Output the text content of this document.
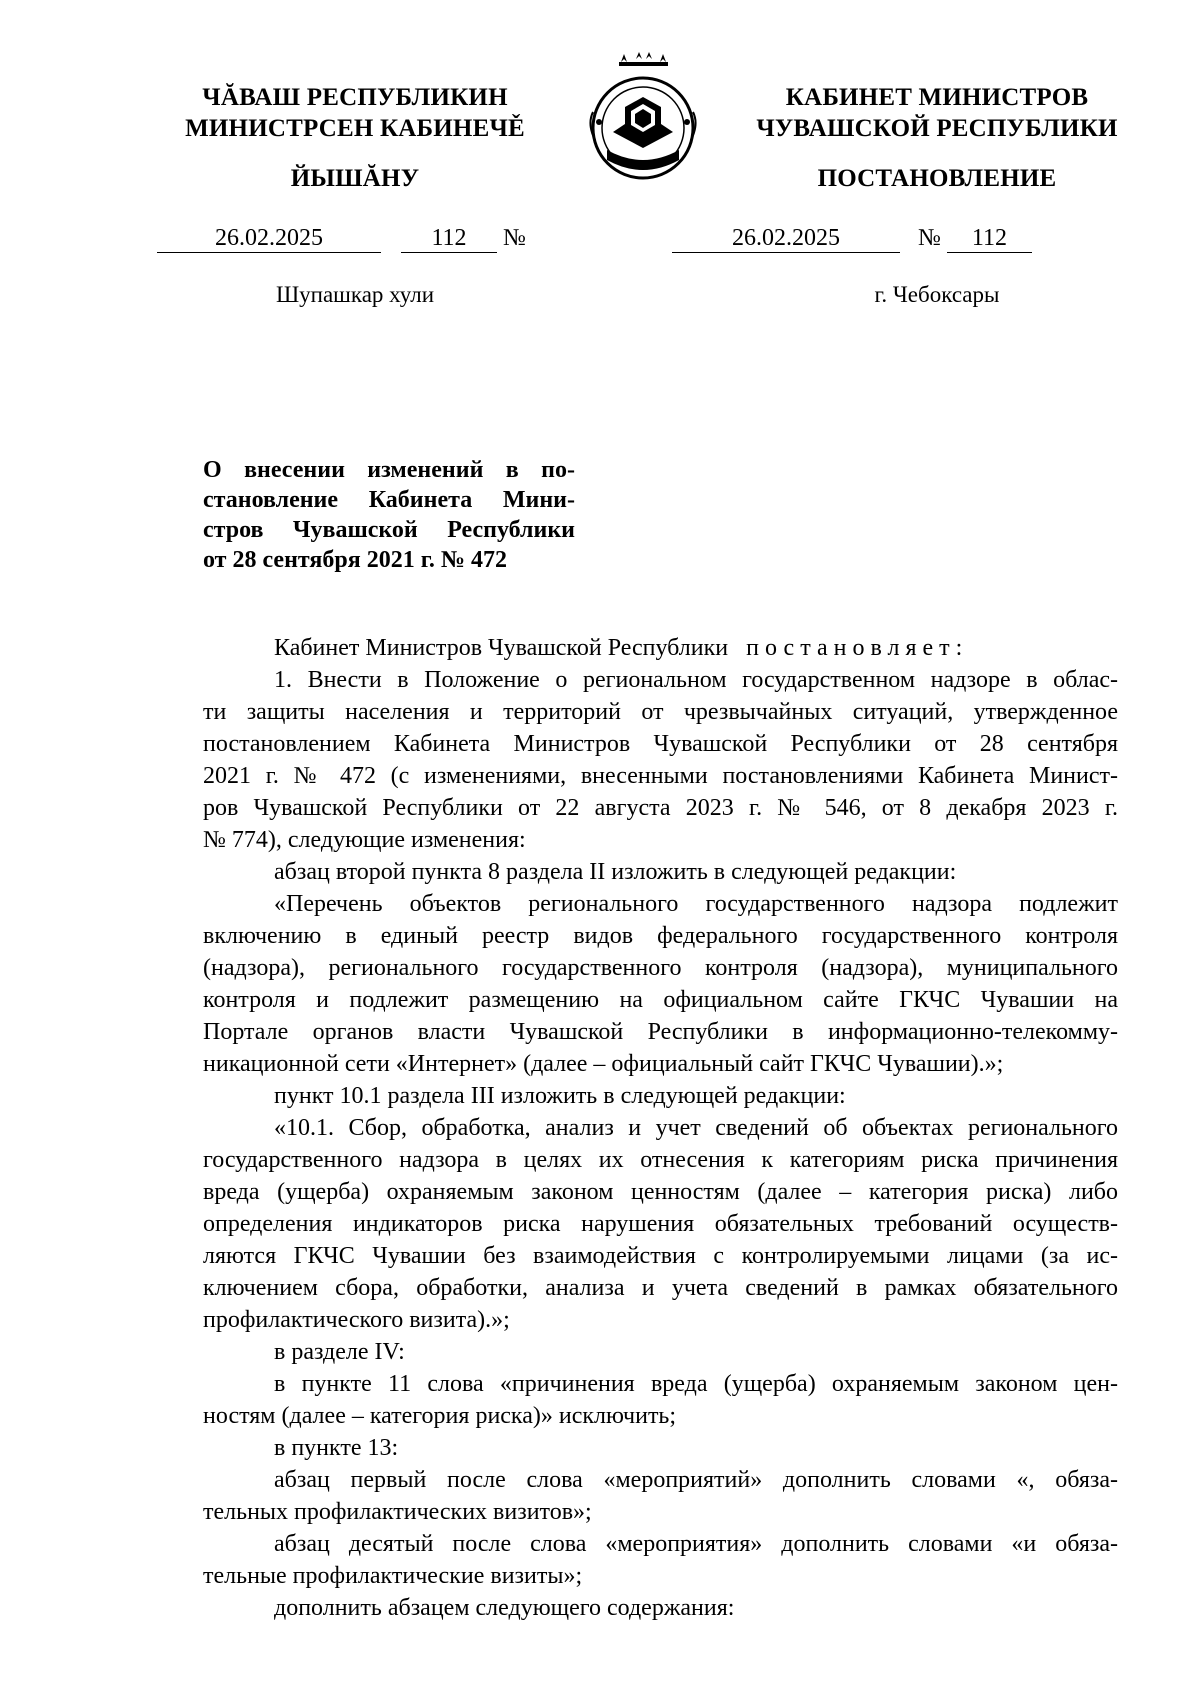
ЧĂВАШ РЕСПУБЛИКИН
МИНИСТРСЕН КАБИНЕЧĚ
ЙЫШĂНУ
КАБИНЕТ МИНИСТРОВ
ЧУВАШСКОЙ РЕСПУБЛИКИ
ПОСТАНОВЛЕНИЕ
26.02.2025	112 №	26.02.2025	№ 112
Шупашкар хули	г. Чебоксары
О внесении изменений в по-
становление Кабинета Мини-
стров Чувашской Республики
от 28 сентября 2021 г. № 472
Кабинет Министров Чувашской Республики постановляет:
1. Внести в Положение о региональном государственном надзоре в облас-
ти защиты населения и территорий от чрезвычайных ситуаций, утвержденное
постановлением Кабинета Министров Чувашской Республики от 28 сентября
2021 г. № 472 (с изменениями, внесенными постановлениями Кабинета Минист-
ров Чувашской Республики от 22 августа 2023 г. № 546, от 8 декабря 2023 г.
№ 774), следующие изменения:
абзац второй пункта 8 раздела II изложить в следующей редакции:
«Перечень объектов регионального государственного надзора подлежит
включению в единый реестр видов федерального государственного контроля
(надзора), регионального государственного контроля (надзора), муниципального
контроля и подлежит размещению на официальном сайте ГКЧС Чувашии на
Портале органов власти Чувашской Республики в информационно-телекомму-
никационной сети «Интернет» (далее – официальный сайт ГКЧС Чувашии).»;
пункт 10.1 раздела III изложить в следующей редакции:
«10.1. Сбор, обработка, анализ и учет сведений об объектах регионального
государственного надзора в целях их отнесения к категориям риска причинения
вреда (ущерба) охраняемым законом ценностям (далее – категория риска) либо
определения индикаторов риска нарушения обязательных требований осуществ-
ляются ГКЧС Чувашии без взаимодействия с контролируемыми лицами (за ис-
ключением сбора, обработки, анализа и учета сведений в рамках обязательного
профилактического визита).»;
в разделе IV:
в пункте 11 слова «причинения вреда (ущерба) охраняемым законом цен-
ностям (далее – категория риска)» исключить;
в пункте 13:
абзац первый после слова «мероприятий» дополнить словами «, обяза-
тельных профилактических визитов»;
абзац десятый после слова «мероприятия» дополнить словами «и обяза-
тельные профилактические визиты»;
дополнить абзацем следующего содержания:
